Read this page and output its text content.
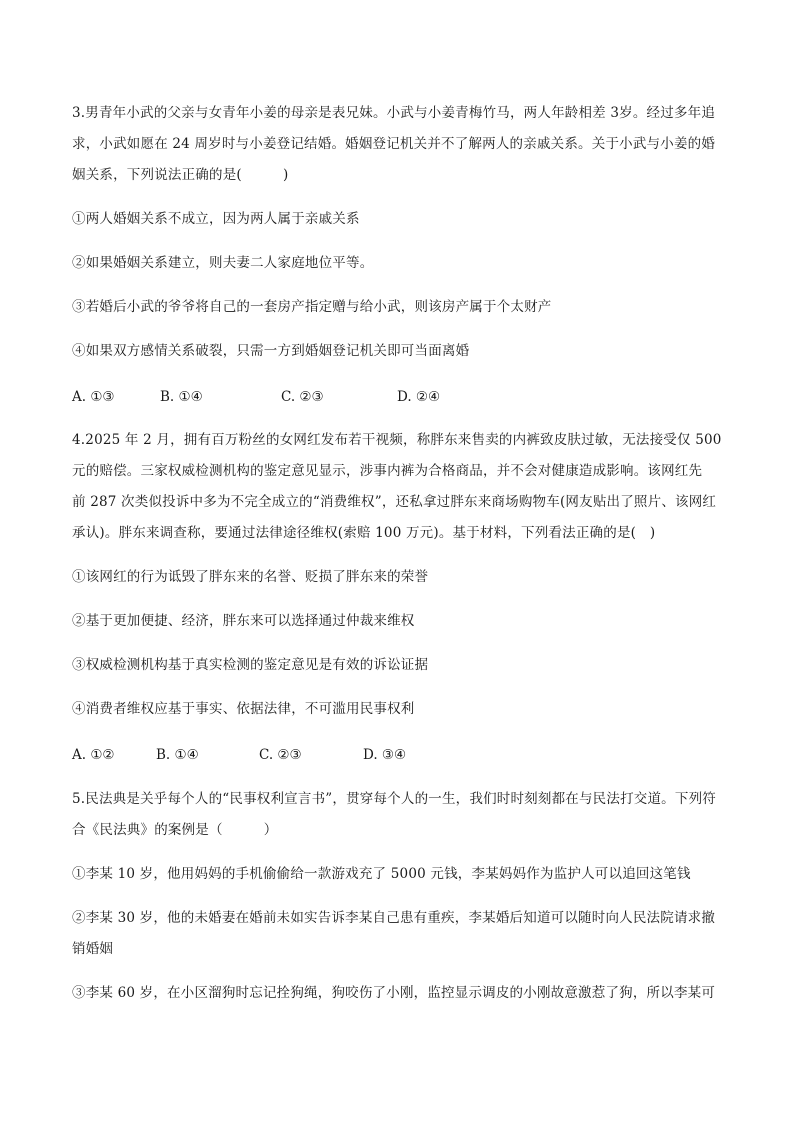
3.男青年小武的父亲与女青年小姜的母亲是表兄妹。小武与小姜青梅竹马，两人年龄相差 3岁。经过多年追
求，小武如愿在 24 周岁时与小姜登记结婚。婚姻登记机关并不了解两人的亲戚关系。关于小武与小姜的婚
姻关系，下列说法正确的是(　　　)
①两人婚姻关系不成立，因为两人属于亲戚关系
②如果婚姻关系建立，则夫妻二人家庭地位平等。
③若婚后小武的爷爷将自己的一套房产指定赠与给小武，则该房产属于个太财产
④如果双方感情关系破裂，只需一方到婚姻登记机关即可当面离婚
A. ①③	B. ①④	C. ②③	D. ②④
4.2025 年 2 月，拥有百万粉丝的女网红发布若干视频，称胖东来售卖的内裤致皮肤过敏，无法接受仅 500
元的赔偿。三家权威检测机构的鉴定意见显示，涉事内裤为合格商品，并不会对健康造成影响。该网红先
前 287 次类似投诉中多为不完全成立的“消费维权”，还私拿过胖东来商场购物车(网友贴出了照片、该网红
承认)。胖东来调查称，要通过法律途径维权(索赔 100 万元)。基于材料，下列看法正确的是(　)
①该网红的行为诋毁了胖东来的名誉、贬损了胖东来的荣誉
②基于更加便捷、经济，胖东来可以选择通过仲裁来维权
③权威检测机构基于真实检测的鉴定意见是有效的诉讼证据
④消费者维权应基于事实、依据法律，不可滥用民事权利
A. ①②	B. ①④	C. ②③	D. ③④
5.民法典是关乎每个人的“民事权利宣言书”，贯穿每个人的一生，我们时时刻刻都在与民法打交道。下列符
合《民法典》的案例是（　　　）
①李某 10 岁，他用妈妈的手机偷偷给一款游戏充了 5000 元钱，李某妈妈作为监护人可以追回这笔钱
②李某 30 岁，他的未婚妻在婚前未如实告诉李某自己患有重疾，李某婚后知道可以随时向人民法院请求撤
销婚姻
③李某 60 岁，在小区溜狗时忘记拴狗绳，狗咬伤了小刚，监控显示调皮的小刚故意激惹了狗，所以李某可
